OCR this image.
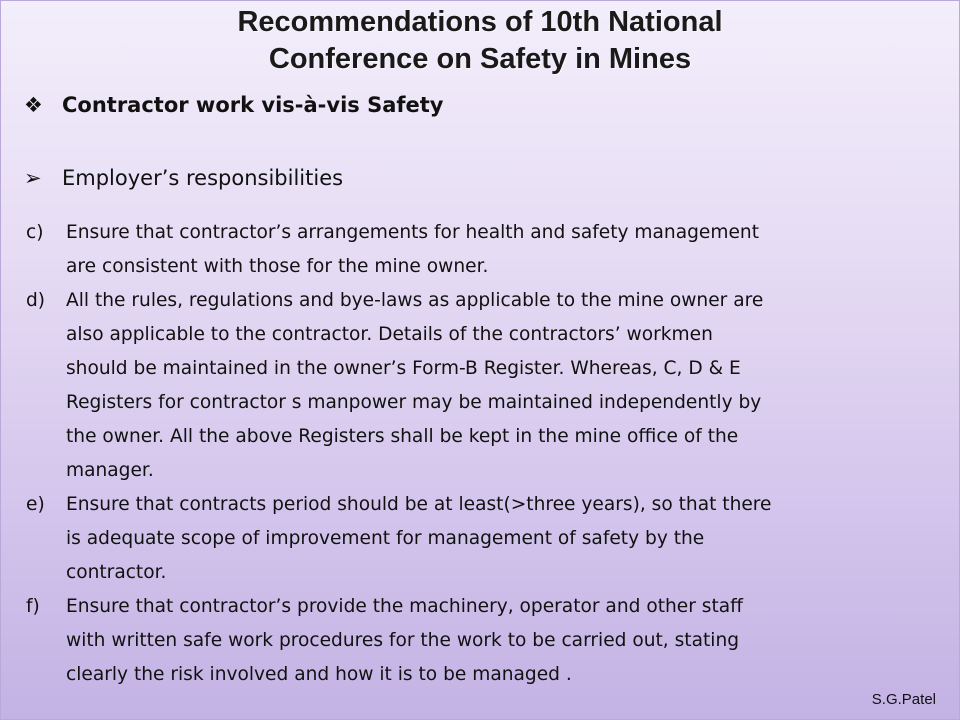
Recommendations of 10th National
Conference on Safety in Mines
❖ Contractor work vis-à-vis Safety
➢ Employer’s responsibilities
c)	Ensure that contractor’s arrangements for health and safety management
are consistent with those for the mine owner.
d)	All the rules, regulations and bye-laws as applicable to the mine owner are
also applicable to the contractor. Details of the contractors’ workmen
should be maintained in the owner’s Form-B Register. Whereas, C, D & E
Registers for contractor s manpower may be maintained independently by
the owner. All the above Registers shall be kept in the mine office of the
manager.
e)	Ensure that contracts period should be at least(>three years), so that there
is adequate scope of improvement for management of safety by the
contractor.
f)	Ensure that contractor’s provide the machinery, operator and other staff
with written safe work procedures for the work to be carried out, stating
clearly the risk involved and how it is to be managed .
S.G.Patel
